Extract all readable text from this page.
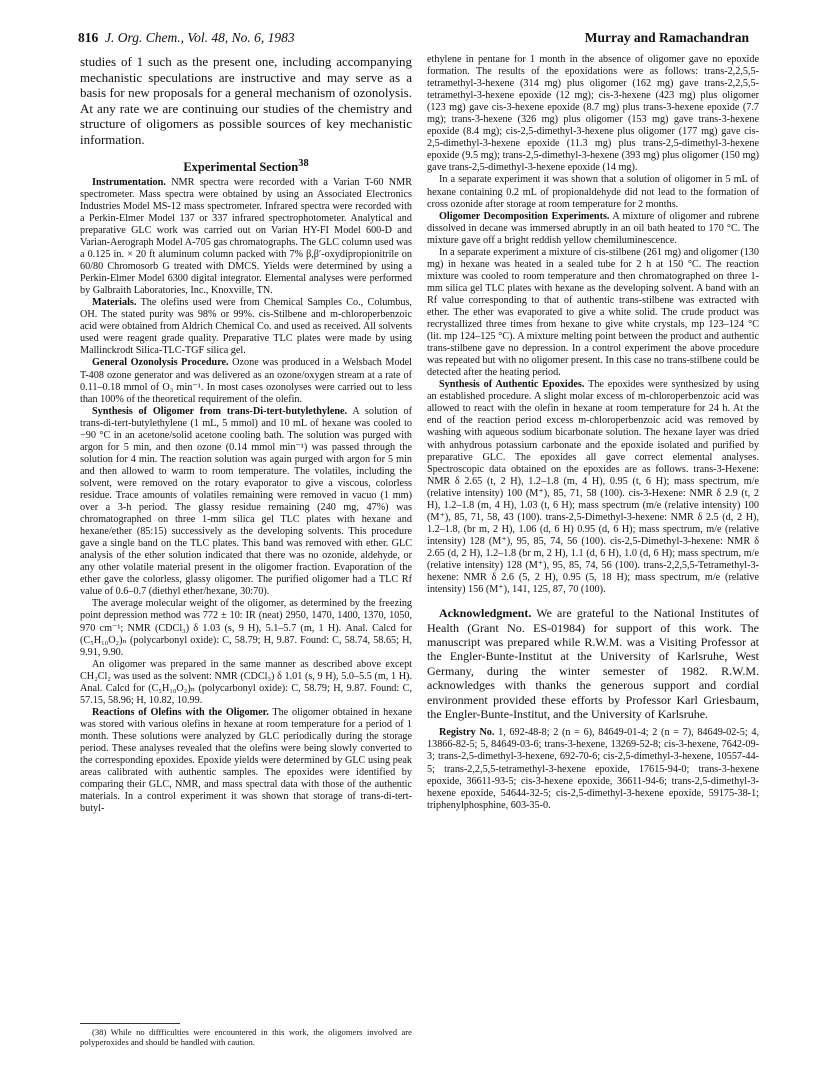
816 J. Org. Chem., Vol. 48, No. 6, 1983	Murray and Ramachandran

studies of 1 such as the present one, including accompanying mechanistic speculations are instructive and may serve as a basis for new proposals for a general mechanism of ozonolysis. At any rate we are continuing our studies of the chemistry and structure of oligomers as possible sources of key mechanistic information.

Experimental Section$^{38}$

Instrumentation. NMR spectra were recorded with a Varian T-60 NMR spectrometer. Mass spectra were obtained by using an Associated Electronics Industries Model MS-12 mass spectrometer. Infrared spectra were recorded with a Perkin-Elmer Model 137 or 337 infrared spectrophotometer. Analytical and preparative GLC work was carried out on Varian HY-FI Model 600-D and Varian-Aerograph Model A-705 gas chromatographs. The GLC column used was a 0.125 in. × 20 ft aluminum column packed with 7% β,β′-oxydipropionitrile on 60/80 Chromosorb G treated with DMCS. Yields were determined by using a Perkin-Elmer Model 6300 digital integrator. Elemental analyses were performed by Galbraith Laboratories, Inc., Knoxville, TN.

Materials. The olefins used were from Chemical Samples Co., Columbus, OH. The stated purity was 98% or 99%. cis-Stilbene and m-chloroperbenzoic acid were obtained from Aldrich Chemical Co. and used as received. All solvents used were reagent grade quality. Preparative TLC plates were made by using Mallinckrodt Silica-TLC-TGF silica gel.

General Ozonolysis Procedure. Ozone was produced in a Welsbach Model T-408 ozone generator and was delivered as an ozone/oxygen stream at a rate of 0.11–0.18 mmol of O₃ min⁻¹. In most cases ozonolyses were carried out to less than 100% of the theoretical requirement of the olefin.

Synthesis of Oligomer from trans-Di-tert-butylethylene. A solution of trans-di-tert-butylethylene (1 mL, 5 mmol) and 10 mL of hexane was cooled to −90 °C in an acetone/solid acetone cooling bath. The solution was purged with argon for 5 min, and then ozone (0.14 mmol min⁻¹) was passed through the solution for 4 min. The reaction solution was again purged with argon for 5 min and then allowed to warm to room temperature. The volatiles, including the solvent, were removed on the rotary evaporator to give a viscous, colorless residue. Trace amounts of volatiles remaining were removed in vacuo (1 mm) over a 3-h period. The glassy residue remaining (240 mg, 47%) was chromatographed on three 1-mm silica gel TLC plates with hexane and hexane/ether (85:15) successively as the developing solvents. This procedure gave a single band on the TLC plates. This band was removed with ether. GLC analysis of the ether solution indicated that there was no ozonide, aldehyde, or any other volatile material present in the oligomer fraction. Evaporation of the ether gave the colorless, glassy oligomer. The purified oligomer had a TLC Rf value of 0.6–0.7 (diethyl ether/hexane, 30:70).

The average molecular weight of the oligomer, as determined by the freezing point depression method was 772 ± 10: IR (neat) 2950, 1470, 1400, 1370, 1050, 970 cm⁻¹; NMR (CDCl₃) δ 1.03 (s, 9 H), 5.1–5.7 (m, 1 H). Anal. Calcd for (C₅H₁₀O₂)ₙ (polycarbonyl oxide): C, 58.79; H, 9.87. Found: C, 58.74, 58.65; H, 9.91, 9.90.

An oligomer was prepared in the same manner as described above except CH₂Cl₂ was used as the solvent: NMR (CDCl₃) δ 1.01 (s, 9 H), 5.0–5.5 (m, 1 H). Anal. Calcd for (C₅H₁₀O₂)ₙ (polycarbonyl oxide): C, 58.79; H, 9.87. Found: C, 57.15, 58.96; H, 10.82, 10.99.

Reactions of Olefins with the Oligomer. The oligomer obtained in hexane was stored with various olefins in hexane at room temperature for a period of 1 month. These solutions were analyzed by GLC periodically during the storage period. These analyses revealed that the olefins were being slowly converted to the corresponding epoxides. Epoxide yields were determined by GLC using peak areas calibrated with authentic samples. The epoxides were identified by comparing their GLC, NMR, and mass spectral data with those of the authentic materials. In a control experiment it was shown that storage of trans-di-tert-butyl-

(38) While no diffficulties were encountered in this work, the oligomers involved are polyperoxides and should be handled with caution.

ethylene in pentane for 1 month in the absence of oligomer gave no epoxide formation. The results of the epoxidations were as follows: trans-2,2,5,5-tetramethyl-3-hexene (314 mg) plus oligomer (162 mg) gave trans-2,2,5,5-tetramethyl-3-hexene epoxide (12 mg); cis-3-hexene (423 mg) plus oligomer (123 mg) gave cis-3-hexene epoxide (8.7 mg) plus trans-3-hexene epoxide (7.7 mg); trans-3-hexene (326 mg) plus oligomer (153 mg) gave trans-3-hexene epoxide (8.4 mg); cis-2,5-dimethyl-3-hexene plus oligomer (177 mg) gave cis-2,5-dimethyl-3-hexene epoxide (11.3 mg) plus trans-2,5-dimethyl-3-hexene epoxide (9.5 mg); trans-2,5-dimethyl-3-hexene (393 mg) plus oligomer (150 mg) gave trans-2,5-dimethyl-3-hexene epoxide (14 mg).

In a separate experiment it was shown that a solution of oligomer in 5 mL of hexane containing 0.2 mL of propionaldehyde did not lead to the formation of cross ozonide after storage at room temperature for 2 months.

Oligomer Decomposition Experiments. A mixture of oligomer and rubrene dissolved in decane was immersed abruptly in an oil bath heated to 170 °C. The mixture gave off a bright reddish yellow chemiluminescence.

In a separate experiment a mixture of cis-stilbene (261 mg) and oligomer (130 mg) in hexane was heated in a sealed tube for 2 h at 150 °C. The reaction mixture was cooled to room temperature and then chromatographed on three 1-mm silica gel TLC plates with hexane as the developing solvent. A band with an Rf value corresponding to that of authentic trans-stilbene was extracted with ether. The ether was evaporated to give a white solid. The crude product was recrystallized three times from hexane to give white crystals, mp 123–124 °C (lit. mp 124–125 °C). A mixture melting point between the product and authentic trans-stilbene gave no depression. In a control experiment the above procedure was repeated but with no oligomer present. In this case no trans-stilbene could be detected after the heating period.

Synthesis of Authentic Epoxides. The epoxides were synthesized by using an established procedure. A slight molar excess of m-chloroperbenzoic acid was allowed to react with the olefin in hexane at room temperature for 24 h. At the end of the reaction period excess m-chloroperbenzoic acid was removed by washing with aqueous sodium bicarbonate solution. The hexane layer was dried with anhydrous potassium carbonate and the epoxide isolated and purified by preparative GLC. The epoxides all gave correct elemental analyses. Spectroscopic data obtained on the epoxides are as follows. trans-3-Hexene: NMR δ 2.65 (t, 2 H), 1.2–1.8 (m, 4 H), 0.95 (t, 6 H); mass spectrum, m/e (relative intensity) 100 (M⁺), 85, 71, 58 (100). cis-3-Hexene: NMR δ 2.9 (t, 2 H), 1.2–1.8 (m, 4 H), 1.03 (t, 6 H); mass spectrum (m/e (relative intensity) 100 (M⁺), 85, 71, 58, 43 (100). trans-2,5-Dimethyl-3-hexene: NMR δ 2.5 (d, 2 H), 1.2–1.8, (br m, 2 H), 1.06 (d, 6 H) 0.95 (d, 6 H); mass spectrum, m/e (relative intensity) 128 (M⁺), 95, 85, 74, 56 (100). cis-2,5-Dimethyl-3-hexene: NMR δ 2.65 (d, 2 H), 1.2–1.8 (br m, 2 H), 1.1 (d, 6 H), 1.0 (d, 6 H); mass spectrum, m/e (relative intensity) 128 (M⁺), 95, 85, 74, 56 (100). trans-2,2,5,5-Tetramethyl-3-hexene: NMR δ 2.6 (5, 2 H), 0.95 (5, 18 H); mass spectrum, m/e (relative intensity) 156 (M⁺), 141, 125, 87, 70 (100).

Acknowledgment. We are grateful to the National Institutes of Health (Grant No. ES-01984) for support of this work. The manuscript was prepared while R.W.M. was a Visiting Professor at the Engler-Bunte-Institut at the University of Karlsruhe, West Germany, during the winter semester of 1982. R.W.M. acknowledges with thanks the generous support and cordial environment provided these efforts by Professor Karl Griesbaum, the Engler-Bunte-Institut, and the University of Karlsruhe.

Registry No. 1, 692-48-8; 2 (n = 6), 84649-01-4; 2 (n = 7), 84649-02-5; 4, 13866-82-5; 5, 84649-03-6; trans-3-hexene, 13269-52-8; cis-3-hexene, 7642-09-3; trans-2,5-dimethyl-3-hexene, 692-70-6; cis-2,5-dimethyl-3-hexene, 10557-44-5; trans-2,2,5,5-tetramethyl-3-hexene epoxide, 17615-94-0; trans-3-hexene epoxide, 36611-93-5; cis-3-hexene epoxide, 36611-94-6; trans-2,5-dimethyl-3-hexene epoxide, 54644-32-5; cis-2,5-dimethyl-3-hexene epoxide, 59175-38-1; triphenylphosphine, 603-35-0.
